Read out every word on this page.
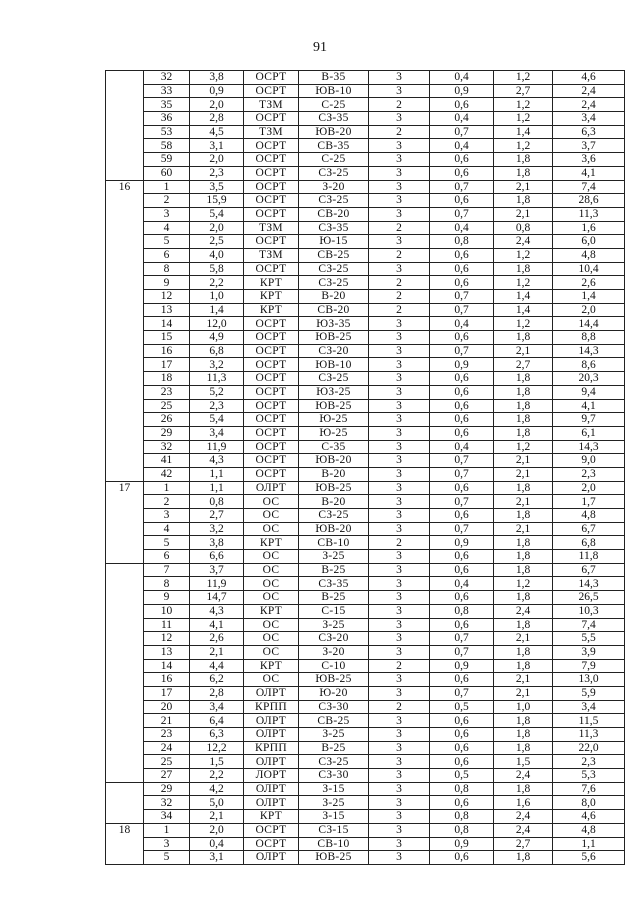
91
	32	3,8	ОСРТ	В-35	3	0,4	1,2	4,6
	33	0,9	ОСРТ	ЮВ-10	3	0,9	2,7	2,4
	35	2,0	ТЗМ	С-25	2	0,6	1,2	2,4
	36	2,8	ОСРТ	СЗ-35	3	0,4	1,2	3,4
	53	4,5	ТЗМ	ЮВ-20	2	0,7	1,4	6,3
	58	3,1	ОСРТ	СВ-35	3	0,4	1,2	3,7
	59	2,0	ОСРТ	С-25	3	0,6	1,8	3,6
	60	2,3	ОСРТ	СЗ-25	3	0,6	1,8	4,1
16	1	3,5	ОСРТ	З-20	3	0,7	2,1	7,4
	2	15,9	ОСРТ	СЗ-25	3	0,6	1,8	28,6
	3	5,4	ОСРТ	СВ-20	3	0,7	2,1	11,3
	4	2,0	ТЗМ	СЗ-35	2	0,4	0,8	1,6
	5	2,5	ОСРТ	Ю-15	3	0,8	2,4	6,0
	6	4,0	ТЗМ	СВ-25	2	0,6	1,2	4,8
	8	5,8	ОСРТ	СЗ-25	3	0,6	1,8	10,4
	9	2,2	КРТ	СЗ-25	2	0,6	1,2	2,6
	12	1,0	КРТ	В-20	2	0,7	1,4	1,4
	13	1,4	КРТ	СВ-20	2	0,7	1,4	2,0
	14	12,0	ОСРТ	ЮЗ-35	3	0,4	1,2	14,4
	15	4,9	ОСРТ	ЮВ-25	3	0,6	1,8	8,8
	16	6,8	ОСРТ	СЗ-20	3	0,7	2,1	14,3
	17	3,2	ОСРТ	ЮВ-10	3	0,9	2,7	8,6
	18	11,3	ОСРТ	СЗ-25	3	0,6	1,8	20,3
	23	5,2	ОСРТ	ЮЗ-25	3	0,6	1,8	9,4
	25	2,3	ОСРТ	ЮВ-25	3	0,6	1,8	4,1
	26	5,4	ОСРТ	Ю-25	3	0,6	1,8	9,7
	29	3,4	ОСРТ	Ю-25	3	0,6	1,8	6,1
	32	11,9	ОСРТ	С-35	3	0,4	1,2	14,3
	41	4,3	ОСРТ	ЮВ-20	3	0,7	2,1	9,0
	42	1,1	ОСРТ	В-20	3	0,7	2,1	2,3
17	1	1,1	ОЛРТ	ЮВ-25	3	0,6	1,8	2,0
	2	0,8	ОС	В-20	3	0,7	2,1	1,7
	3	2,7	ОС	СЗ-25	3	0,6	1,8	4,8
	4	3,2	ОС	ЮВ-20	3	0,7	2,1	6,7
	5	3,8	КРТ	СВ-10	2	0,9	1,8	6,8
	6	6,6	ОС	З-25	3	0,6	1,8	11,8
	7	3,7	ОС	В-25	3	0,6	1,8	6,7
	8	11,9	ОС	СЗ-35	3	0,4	1,2	14,3
	9	14,7	ОС	В-25	3	0,6	1,8	26,5
	10	4,3	КРТ	С-15	3	0,8	2,4	10,3
	11	4,1	ОС	З-25	3	0,6	1,8	7,4
	12	2,6	ОС	СЗ-20	3	0,7	2,1	5,5
	13	2,1	ОС	З-20	3	0,7	1,8	3,9
	14	4,4	КРТ	С-10	2	0,9	1,8	7,9
	16	6,2	ОС	ЮВ-25	3	0,6	2,1	13,0
	17	2,8	ОЛРТ	Ю-20	3	0,7	2,1	5,9
	20	3,4	КРПП	СЗ-30	2	0,5	1,0	3,4
	21	6,4	ОЛРТ	СВ-25	3	0,6	1,8	11,5
	23	6,3	ОЛРТ	З-25	3	0,6	1,8	11,3
	24	12,2	КРПП	В-25	3	0,6	1,8	22,0
	25	1,5	ОЛРТ	СЗ-25	3	0,6	1,5	2,3
	27	2,2	ЛОРТ	СЗ-30	3	0,5	2,4	5,3
	29	4,2	ОЛРТ	З-15	3	0,8	1,8	7,6
	32	5,0	ОЛРТ	З-25	3	0,6	1,6	8,0
	34	2,1	КРТ	З-15	3	0,8	2,4	4,6
18	1	2,0	ОСРТ	СЗ-15	3	0,8	2,4	4,8
	3	0,4	ОСРТ	СВ-10	3	0,9	2,7	1,1
	5	3,1	ОЛРТ	ЮВ-25	3	0,6	1,8	5,6
